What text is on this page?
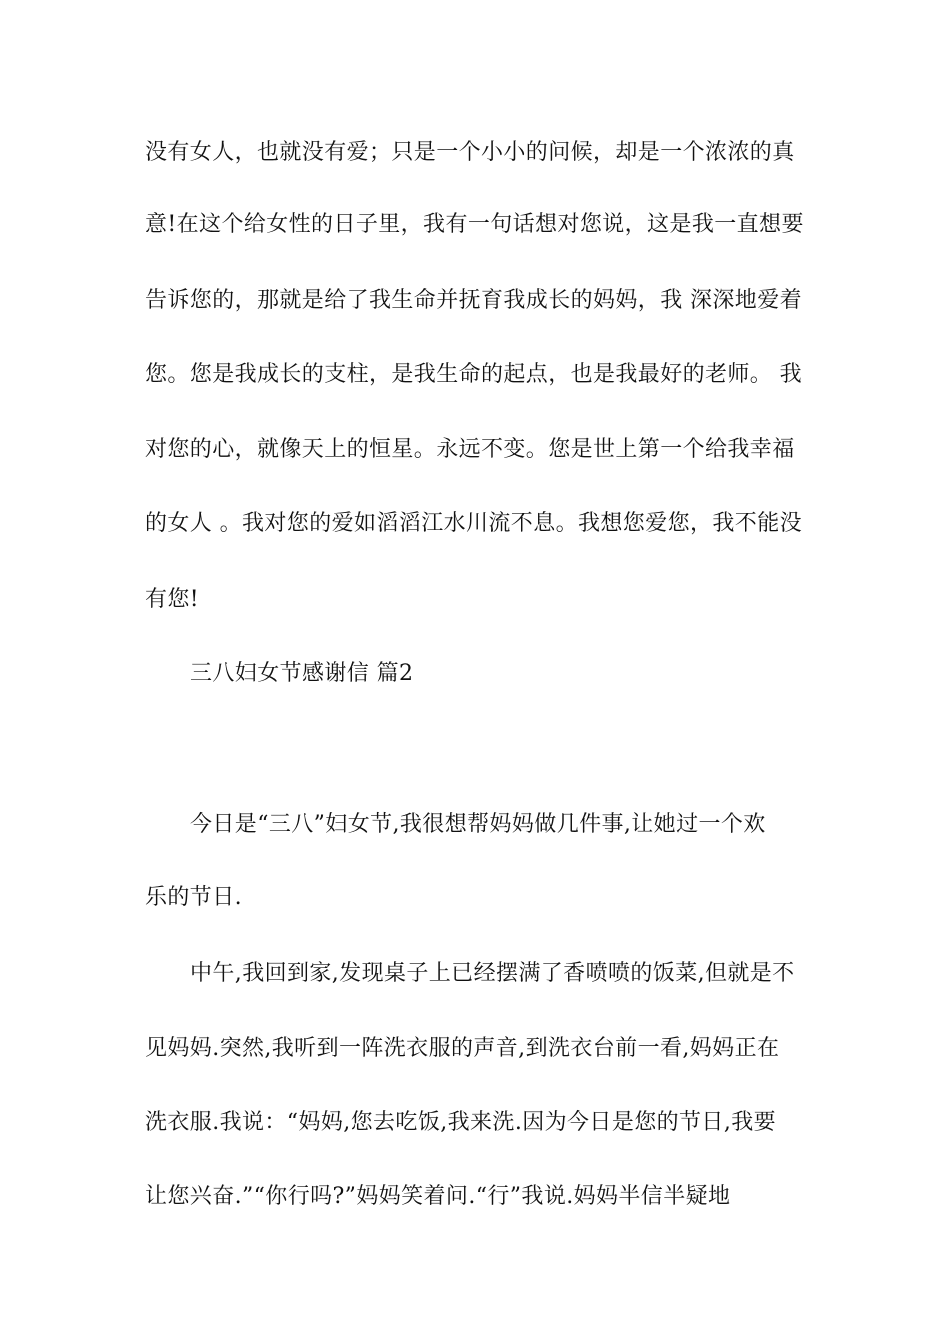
没有女人，也就没有爱；只是一个小小的问候，却是一个浓浓的真
意!在这个给女性的日子里，我有一句话想对您说，这是我一直想要
告诉您的，那就是给了我生命并抚育我成长的妈妈，我 深深地爱着
您。您是我成长的支柱，是我生命的起点，也是我最好的老师。 我
对您的心，就像天上的恒星。永远不变。您是世上第一个给我幸福
的女人 。我对您的爱如滔滔江水川流不息。我想您爱您，我不能没
有您!
三八妇女节感谢信 篇2
今日是“三八”妇女节,我很想帮妈妈做几件事,让她过一个欢
乐的节日.
中午,我回到家,发现桌子上已经摆满了香喷喷的饭菜,但就是不
见妈妈.突然,我听到一阵洗衣服的声音,到洗衣台前一看,妈妈正在
洗衣服.我说：“妈妈,您去吃饭,我来洗.因为今日是您的节日,我要
让您兴奋.”“你行吗?”妈妈笑着问.“行”我说.妈妈半信半疑地
